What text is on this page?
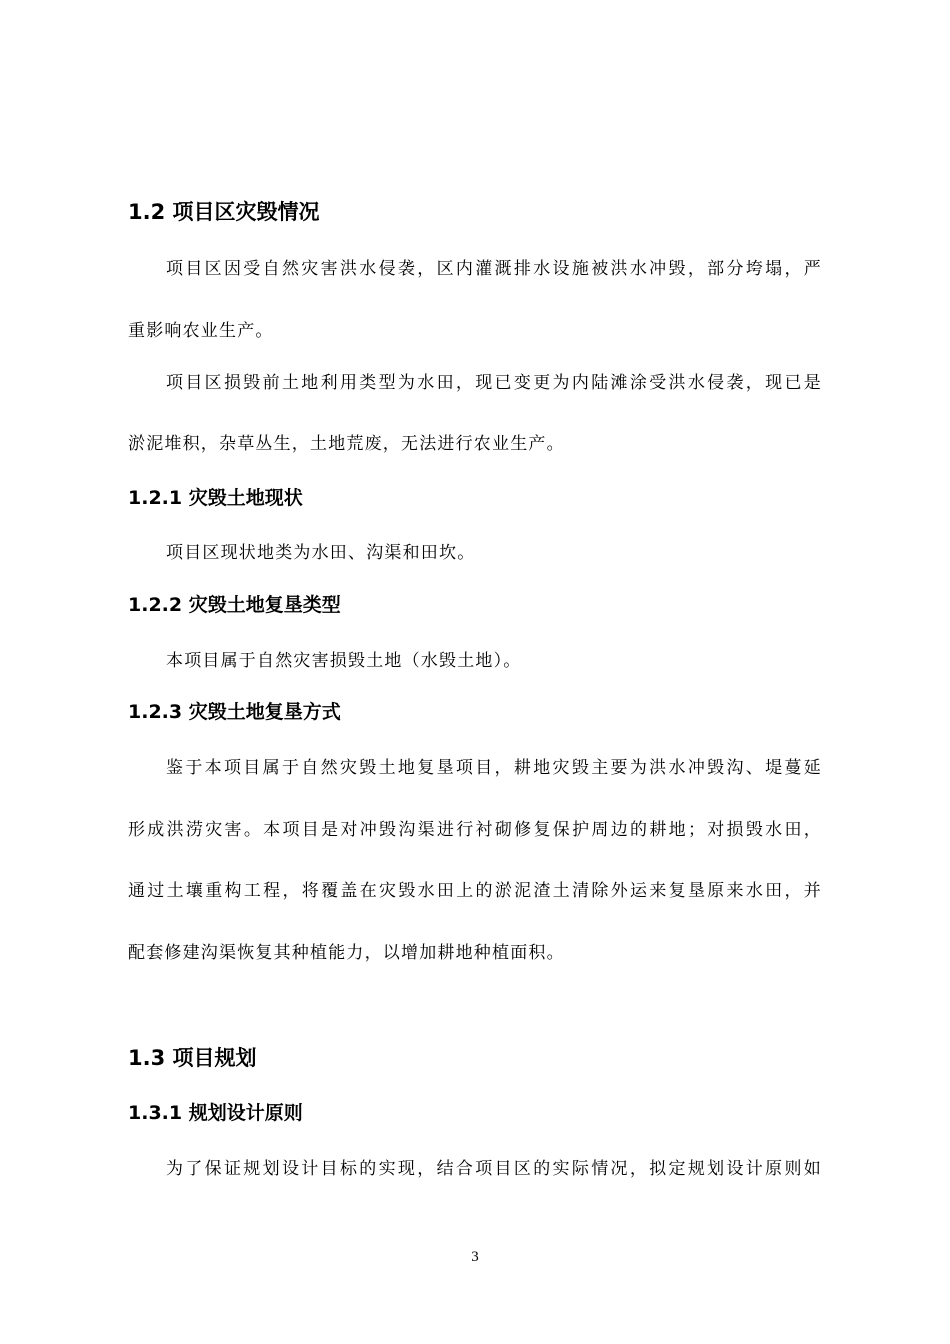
1.2 项目区灾毁情况
项目区因受自然灾害洪水侵袭，区内灌溉排水设施被洪水冲毁，部分垮塌，严
重影响农业生产。
项目区损毁前土地利用类型为水田，现已变更为内陆滩涂受洪水侵袭，现已是
淤泥堆积，杂草丛生，土地荒废，无法进行农业生产。
1.2.1 灾毁土地现状
项目区现状地类为水田、沟渠和田坎。
1.2.2 灾毁土地复垦类型
本项目属于自然灾害损毁土地（水毁土地）。
1.2.3 灾毁土地复垦方式
鉴于本项目属于自然灾毁土地复垦项目，耕地灾毁主要为洪水冲毁沟、堤蔓延
形成洪涝灾害。本项目是对冲毁沟渠进行衬砌修复保护周边的耕地；对损毁水田，
通过土壤重构工程，将覆盖在灾毁水田上的淤泥渣土清除外运来复垦原来水田，并
配套修建沟渠恢复其种植能力，以增加耕地种植面积。
1.3 项目规划
1.3.1 规划设计原则
为了保证规划设计目标的实现，结合项目区的实际情况，拟定规划设计原则如
3
